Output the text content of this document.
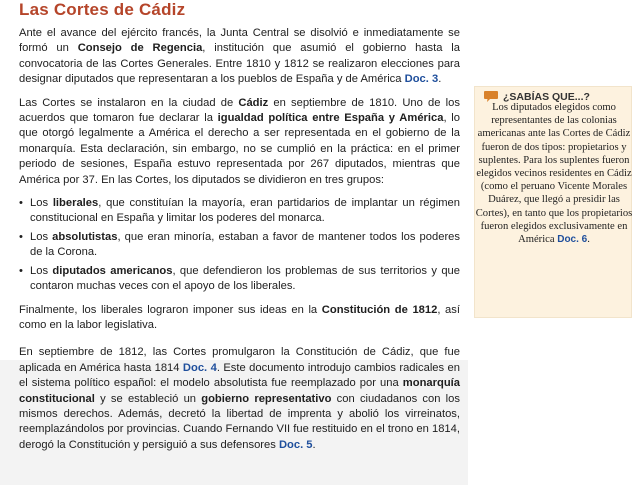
Las Cortes de Cádiz

Ante el avance del ejército francés, la Junta Central se disolvió e inmediatamente se formó un Consejo de Regencia, institución que asumió el gobierno hasta la convocatoria de las Cortes Generales. Entre 1810 y 1812 se realizaron elecciones para designar diputados que representaran a los pueblos de España y de América Doc. 3.

Las Cortes se instalaron en la ciudad de Cádiz en septiembre de 1810. Uno de los acuerdos que tomaron fue declarar la igualdad política entre España y América, lo que otorgó legalmente a América el derecho a ser representada en el gobierno de la monarquía. Esta declaración, sin embargo, no se cumplió en la práctica: en el primer periodo de sesiones, España estuvo representada por 267 diputados, mientras que América por 37. En las Cortes, los diputados se dividieron en tres grupos:

• Los liberales, que constituían la mayoría, eran partidarios de implantar un régimen constitucional en España y limitar los poderes del monarca.
• Los absolutistas, que eran minoría, estaban a favor de mantener todos los poderes de la Corona.
• Los diputados americanos, que defendieron los problemas de sus territorios y que contaron muchas veces con el apoyo de los liberales.

Finalmente, los liberales lograron imponer sus ideas en la Constitución de 1812, así como en la labor legislativa.

En septiembre de 1812, las Cortes promulgaron la Constitución de Cádiz, que fue aplicada en América hasta 1814 Doc. 4. Este documento introdujo cambios radicales en el sistema político español: el modelo absolutista fue reemplazado por una monarquía constitucional y se estableció un gobierno representativo con ciudadanos con los mismos derechos. Además, decretó la libertad de imprenta y abolió los virreinatos, reemplazándolos por provincias. Cuando Fernando VII fue restituido en el trono en 1814, derogó la Constitución y persiguió a sus defensores Doc. 5.

¿SABÍAS QUE...?
Los diputados elegidos como representantes de las colonias americanas ante las Cortes de Cádiz fueron de dos tipos: propietarios y suplentes. Para los suplentes fueron elegidos vecinos residentes en Cádiz (como el peruano Vicente Morales Duárez, que llegó a presidir las Cortes), en tanto que los propietarios fueron elegidos exclusivamente en América Doc. 6.
